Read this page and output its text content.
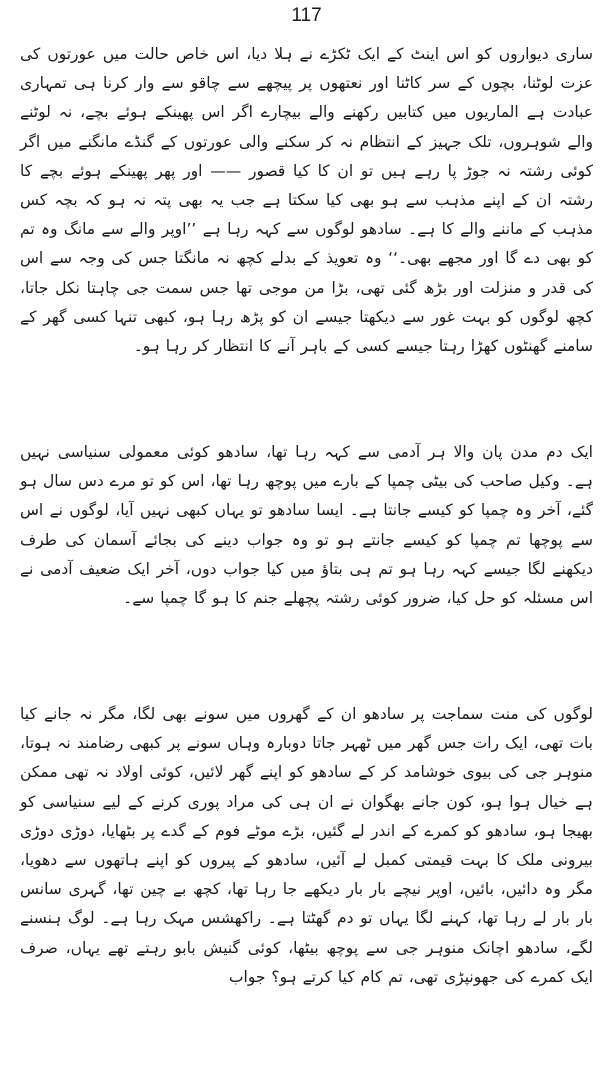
117

ساری دیواروں کو اس اینٹ کے ایک ٹکڑے نے ہلا دیا، اس خاص حالت میں عورتوں کی عزت لوٹنا، بچوں کے سر کاٹنا اور نعتھوں پر پیچھے سے چاقو سے وار کرنا ہی تمہاری عبادت ہے الماریوں میں کتابیں رکھنے والے بیچارے اگر اس پھینکے ہوئے بچے، نہ لوٹنے والے شوہروں، تلک جہیز کے انتظام نہ کر سکنے والی عورتوں کے گنڈے مانگنے میں اگر کوئی رشتہ نہ جوڑ پا رہے ہیں تو ان کا کیا قصور —— اور پھر پھینکے ہوئے بچے کا رشتہ ان کے اپنے مذہب سے ہو بھی کیا سکتا ہے جب یہ بھی پتہ نہ ہو کہ بچہ کس مذہب کے ماننے والے کا ہے۔ سادھو لوگوں سے کہہ رہا ہے ’’اوپر والے سے مانگ وہ تم کو بھی دے گا اور مجھے بھی۔‘‘ وہ تعویذ کے بدلے کچھ نہ مانگتا جس کی وجہ سے اس کی قدر و منزلت اور بڑھ گئی تھی، بڑا من موجی تھا جس سمت جی چاہتا نکل جاتا، کچھ لوگوں کو بہت غور سے دیکھتا جیسے ان کو پڑھ رہا ہو، کبھی تنہا کسی گھر کے سامنے گھنٹوں کھڑا رہتا جیسے کسی کے باہر آنے کا انتظار کر رہا ہو۔

ایک دم مدن پان والا ہر آدمی سے کہہ رہا تھا، سادھو کوئی معمولی سنیاسی نہیں ہے۔ وکیل صاحب کی بیٹی چمپا کے بارے میں پوچھ رہا تھا، اس کو تو مرے دس سال ہو گئے، آخر وہ چمپا کو کیسے جانتا ہے۔ ایسا سادھو تو یہاں کبھی نہیں آیا، لوگوں نے اس سے پوچھا تم چمپا کو کیسے جانتے ہو تو وہ جواب دینے کی بجائے آسمان کی طرف دیکھنے لگا جیسے کہہ رہا ہو تم ہی بتاؤ میں کیا جواب دوں، آخر ایک ضعیف آدمی نے اس مسئلہ کو حل کیا، ضرور کوئی رشتہ پچھلے جنم کا ہو گا چمپا سے۔

لوگوں کی منت سماجت پر سادھو ان کے گھروں میں سونے بھی لگا، مگر نہ جانے کیا بات تھی، ایک رات جس گھر میں ٹھہر جاتا دوبارہ وہاں سونے پر کبھی رضامند نہ ہوتا، منوہر جی کی بیوی خوشامد کر کے سادھو کو اپنے گھر لائیں، کوئی اولاد نہ تھی ممکن ہے خیال ہوا ہو، کون جانے بھگوان نے ان ہی کی مراد پوری کرنے کے لیے سنیاسی کو بھیجا ہو، سادھو کو کمرے کے اندر لے گئیں، بڑے موٹے فوم کے گدے پر بٹھایا، دوڑی دوڑی بیرونی ملک کا بہت قیمتی کمبل لے آئیں، سادھو کے پیروں کو اپنے ہاتھوں سے دھویا، مگر وہ دائیں، بائیں، اوپر نیچے بار بار دیکھے جا رہا تھا، کچھ بے چین تھا، گہری سانس بار بار لے رہا تھا، کہنے لگا یہاں تو دم گھٹتا ہے۔ راکھشس مہک رہا ہے۔ لوگ ہنسنے لگے، سادھو اچانک منوہر جی سے پوچھ بیٹھا، کوئی گنیش بابو رہتے تھے یہاں، صرف ایک کمرے کی جھونپڑی تھی، تم کام کیا کرتے ہو؟ جواب
